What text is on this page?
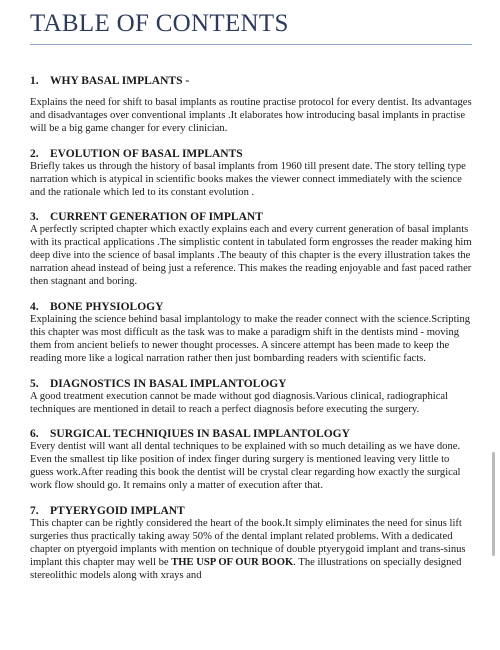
TABLE OF CONTENTS
1. WHY BASAL IMPLANTS -

Explains the need for shift to basal implants as routine practise protocol for every dentist. Its advantages and disadvantages over conventional implants .It elaborates how introducing basal implants in practise will be a big game changer for every clinician.

2. EVOLUTION OF BASAL IMPLANTS

Briefly takes us through the history of basal implants from 1960 till present date. The story telling type narration which is atypical in scientific books makes the viewer connect immediately with the science and the rationale which led to its constant evolution .

3. CURRENT GENERATION OF IMPLANT

A perfectly scripted chapter which exactly explains each and every current generation of basal implants with its practical applications .The simplistic content in tabulated form engrosses the reader making him deep dive into the science of basal implants .The beauty of this chapter is the every illustration takes the narration ahead instead of being just a reference. This makes the reading enjoyable and fast paced rather then stagnant and boring.

4. BONE PHYSIOLOGY

Explaining the science behind basal implantology to make the reader connect with the science.Scripting this chapter was most difficult as the task was to make a paradigm shift in the dentists mind - moving them from ancient beliefs to newer thought processes. A sincere attempt has been made to keep the reading more like a logical narration rather then just bombarding readers with scientific facts.

5. DIAGNOSTICS IN BASAL IMPLANTOLOGY

A good treatment execution cannot be made without god diagnosis.Various clinical, radiographical techniques are mentioned in detail to reach a perfect diagnosis before executing the surgery.

6. SURGICAL TECHNIQIUES IN BASAL IMPLANTOLOGY

Every dentist will want all dental techniques to be explained with so much detailing as we have done. Even the smallest tip like position of index finger during surgery is mentioned leaving very little to guess work.After reading this book the dentist will be crystal clear regarding how exactly the surgical work flow should go. It remains only a matter of execution after that.

7. PTYERYGOID IMPLANT

This chapter can be rightly considered the heart of the book.It simply eliminates the need for sinus lift surgeries thus practically taking away 50% of the dental implant related problems. With a dedicated chapter on ptyergoid implants with mention on technique of double ptyerygoid implant and trans-sinus implant this chapter may well be THE USP OF OUR BOOK. The illustrations on specially designed stereolithic models along with xrays and
